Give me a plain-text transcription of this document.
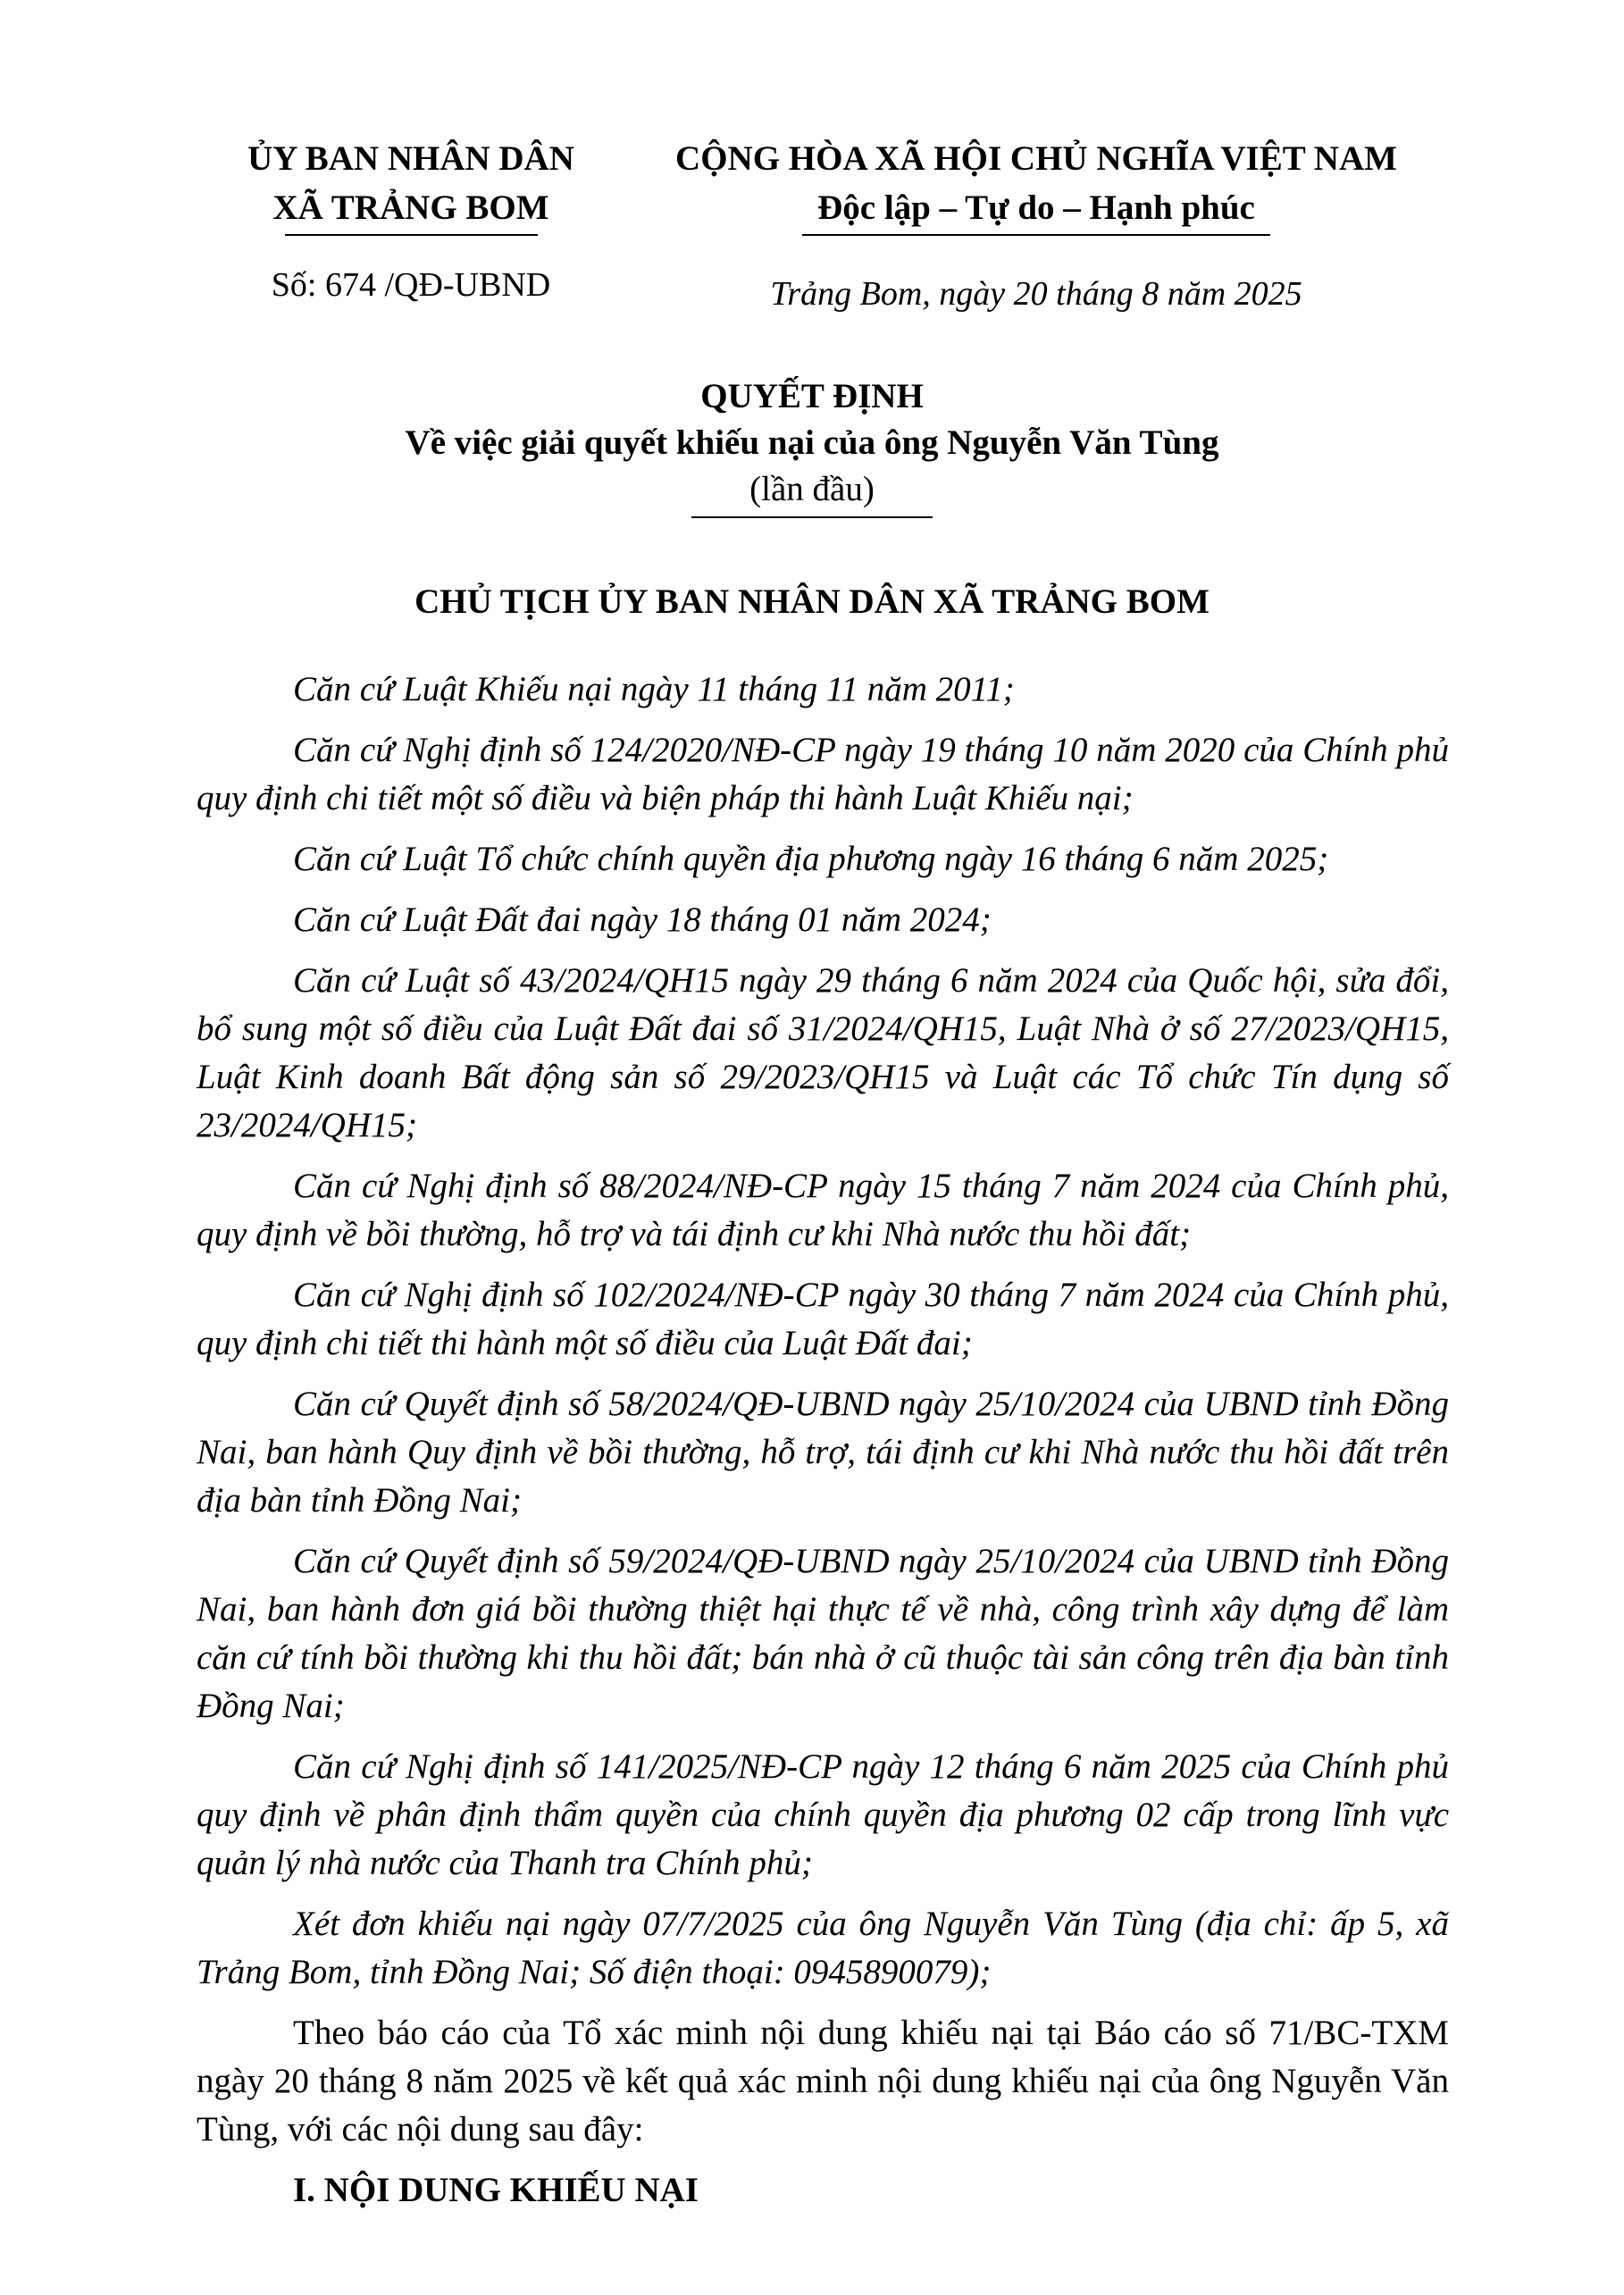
ỦY BAN NHÂN DÂN
XÃ TRẢNG BOM
Số: 674 /QĐ-UBND
CỘNG HÒA XÃ HỘI CHỦ NGHĨA VIỆT NAM
Độc lập – Tự do – Hạnh phúc
Trảng Bom, ngày 20 tháng 8 năm 2025
QUYẾT ĐỊNH
Về việc giải quyết khiếu nại của ông Nguyễn Văn Tùng
(lần đầu)
CHỦ TỊCH ỦY BAN NHÂN DÂN XÃ TRẢNG BOM

Căn cứ Luật Khiếu nại ngày 11 tháng 11 năm 2011;

Căn cứ Nghị định số 124/2020/NĐ-CP ngày 19 tháng 10 năm 2020 của Chính phủ quy định chi tiết một số điều và biện pháp thi hành Luật Khiếu nại;

Căn cứ Luật Tổ chức chính quyền địa phương ngày 16 tháng 6 năm 2025;

Căn cứ Luật Đất đai ngày 18 tháng 01 năm 2024;

Căn cứ Luật số 43/2024/QH15 ngày 29 tháng 6 năm 2024 của Quốc hội, sửa đổi, bổ sung một số điều của Luật Đất đai số 31/2024/QH15, Luật Nhà ở số 27/2023/QH15, Luật Kinh doanh Bất động sản số 29/2023/QH15 và Luật các Tổ chức Tín dụng số 23/2024/QH15;

Căn cứ Nghị định số 88/2024/NĐ-CP ngày 15 tháng 7 năm 2024 của Chính phủ, quy định về bồi thường, hỗ trợ và tái định cư khi Nhà nước thu hồi đất;

Căn cứ Nghị định số 102/2024/NĐ-CP ngày 30 tháng 7 năm 2024 của Chính phủ, quy định chi tiết thi hành một số điều của Luật Đất đai;

Căn cứ Quyết định số 58/2024/QĐ-UBND ngày 25/10/2024 của UBND tỉnh Đồng Nai, ban hành Quy định về bồi thường, hỗ trợ, tái định cư khi Nhà nước thu hồi đất trên địa bàn tỉnh Đồng Nai;

Căn cứ Quyết định số 59/2024/QĐ-UBND ngày 25/10/2024 của UBND tỉnh Đồng Nai, ban hành đơn giá bồi thường thiệt hại thực tế về nhà, công trình xây dựng để làm căn cứ tính bồi thường khi thu hồi đất; bán nhà ở cũ thuộc tài sản công trên địa bàn tỉnh Đồng Nai;

Căn cứ Nghị định số 141/2025/NĐ-CP ngày 12 tháng 6 năm 2025 của Chính phủ quy định về phân định thẩm quyền của chính quyền địa phương 02 cấp trong lĩnh vực quản lý nhà nước của Thanh tra Chính phủ;

Xét đơn khiếu nại ngày 07/7/2025 của ông Nguyễn Văn Tùng (địa chỉ: ấp 5, xã Trảng Bom, tỉnh Đồng Nai; Số điện thoại: 0945890079);

Theo báo cáo của Tổ xác minh nội dung khiếu nại tại Báo cáo số 71/BC-TXM ngày 20 tháng 8 năm 2025 về kết quả xác minh nội dung khiếu nại của ông Nguyễn Văn Tùng, với các nội dung sau đây:

I. NỘI DUNG KHIẾU NẠI
